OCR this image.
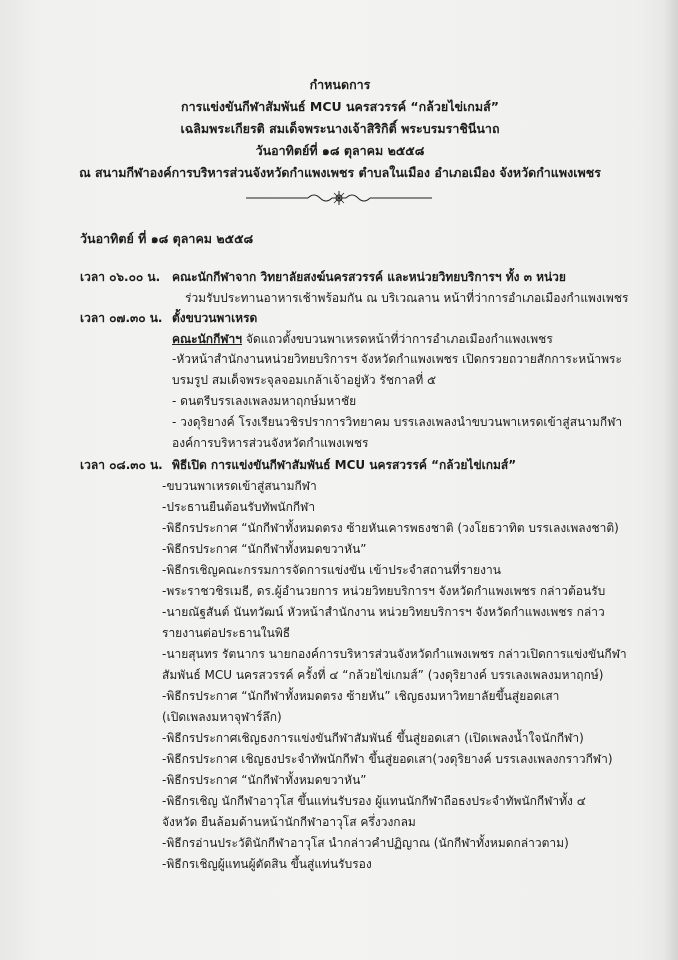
กำหนดการ
การแข่งขันกีฬาสัมพันธ์ MCU นครสวรรค์ “กล้วยไข่เกมส์”
เฉลิมพระเกียรติ สมเด็จพระนางเจ้าสิริกิติ์ พระบรมราชินีนาถ
วันอาทิตย์ที่ ๑๘ ตุลาคม ๒๕๕๘
ณ สนามกีฬาองค์การบริหารส่วนจังหวัดกำแพงเพชร ตำบลในเมือง อำเภอเมือง จังหวัดกำแพงเพชร
วันอาทิตย์ ที่ ๑๘ ตุลาคม ๒๕๕๘
เวลา ๐๖.๐๐ น. คณะนักกีฬาจาก วิทยาลัยสงฆ์นครสวรรค์ และหน่วยวิทยบริการฯ ทั้ง ๓ หน่วย
ร่วมรับประทานอาหารเช้าพร้อมกัน ณ บริเวณลาน หน้าที่ว่าการอำเภอเมืองกำแพงเพชร
เวลา ๐๗.๓๐ น. ตั้งขบวนพาเหรด
คณะนักกีฬาฯ จัดแถวตั้งขบวนพาเหรดหน้าที่ว่าการอำเภอเมืองกำแพงเพชร
-หัวหน้าสำนักงานหน่วยวิทยบริการฯ จังหวัดกำแพงเพชร เปิดกรวยถวายสักการะหน้าพระ
บรมรูป สมเด็จพระจุลจอมเกล้าเจ้าอยู่หัว รัชกาลที่ ๕
- ดนตรีบรรเลงเพลงมหาฤกษ์มหาชัย
- วงดุริยางค์ โรงเรียนวชิรปราการวิทยาคม บรรเลงเพลงนำขบวนพาเหรดเข้าสู่สนามกีฬา
องค์การบริหารส่วนจังหวัดกำแพงเพชร
เวลา ๐๘.๓๐ น. พิธีเปิด การแข่งขันกีฬาสัมพันธ์ MCU นครสวรรค์ “กล้วยไข่เกมส์”
-ขบวนพาเหรดเข้าสู่สนามกีฬา
-ประธานยืนต้อนรับทัพนักกีฬา
-พิธีกรประกาศ “นักกีฬาทั้งหมดตรง ซ้ายหันเคารพธงชาติ (วงโยธวาทิต บรรเลงเพลงชาติ)
-พิธีกรประกาศ “นักกีฬาทั้งหมดขวาหัน”
-พิธีกรเชิญคณะกรรมการจัดการแข่งขัน เข้าประจำสถานที่รายงาน
-พระราชวชิรเมธี, ดร.ผู้อำนวยการ หน่วยวิทยบริการฯ จังหวัดกำแพงเพชร กล่าวต้อนรับ
-นายณัฐสันต์ นันทวัฒน์ หัวหน้าสำนักงาน หน่วยวิทยบริการฯ จังหวัดกำแพงเพชร กล่าว
รายงานต่อประธานในพิธี
-นายสุนทร รัตนากร นายกองค์การบริหารส่วนจังหวัดกำแพงเพชร กล่าวเปิดการแข่งขันกีฬา
สัมพันธ์ MCU นครสวรรค์ ครั้งที่ ๔ “กล้วยไข่เกมส์” (วงดุริยางค์ บรรเลงเพลงมหาฤกษ์)
-พิธีกรประกาศ “นักกีฬาทั้งหมดตรง ซ้ายหัน” เชิญธงมหาวิทยาลัยขึ้นสู่ยอดเสา
(เปิดเพลงมหาจุฬาร์ลึก)
-พิธีกรประกาศเชิญธงการแข่งขันกีฬาสัมพันธ์ ขึ้นสู่ยอดเสา (เปิดเพลงน้ำใจนักกีฬา)
-พิธีกรประกาศ เชิญธงประจำทัพนักกีฬา ขึ้นสู่ยอดเสา(วงดุริยางค์ บรรเลงเพลงกราวกีฬา)
-พิธีกรประกาศ “นักกีฬาทั้งหมดขวาหัน”
-พิธีกรเชิญ นักกีฬาอาวุโส ขึ้นแท่นรับรอง ผู้แทนนักกีฬาถือธงประจำทัพนักกีฬาทั้ง ๔
จังหวัด ยืนล้อมด้านหน้านักกีฬาอาวุโส ครึ่งวงกลม
-พิธีกรอ่านประวัตินักกีฬาอาวุโส นำกล่าวคำปฏิญาณ (นักกีฬาทั้งหมดกล่าวตาม)
-พิธีกรเชิญผู้แทนผู้ตัดสิน ขึ้นสู่แท่นรับรอง
